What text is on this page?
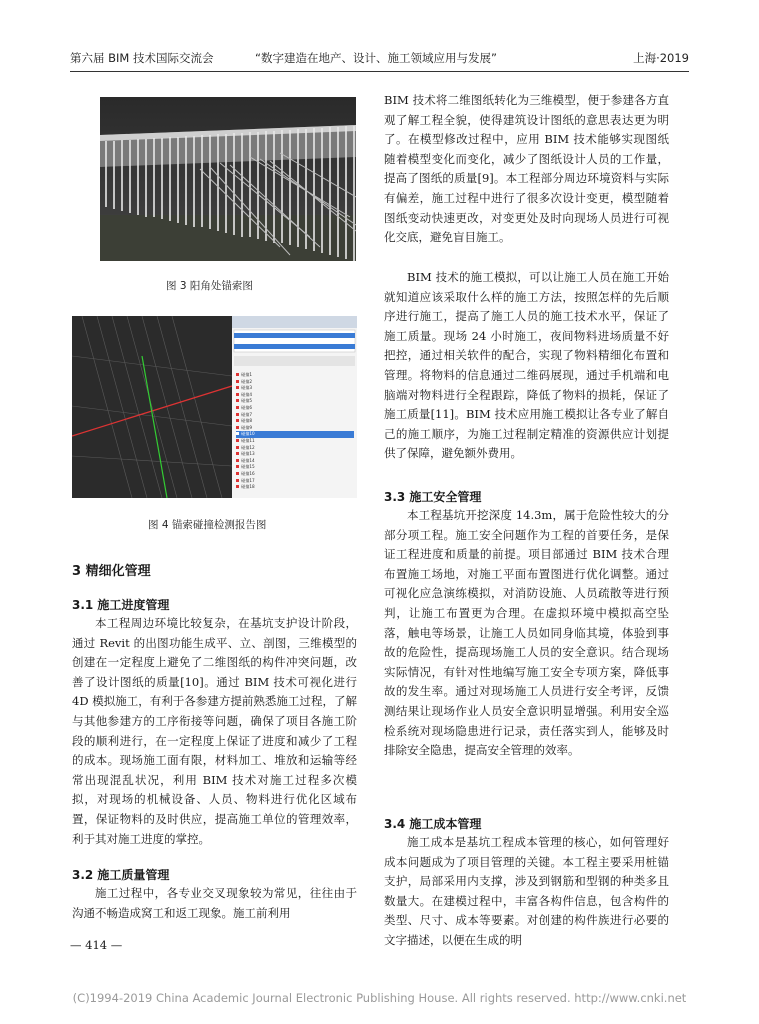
第六届 BIM 技术国际交流会	“数字建造在地产、设计、施工领域应用与发展”	上海·2019
图 3 阳角处锚索图
碰撞1
碰撞2
碰撞3
碰撞4
碰撞5
碰撞6
碰撞7
碰撞8
碰撞9
碰撞10
碰撞11
碰撞12
碰撞13
碰撞14
碰撞15
碰撞16
碰撞17
碰撞18
图 4 锚索碰撞检测报告图
3 精细化管理
3.1 施工进度管理

本工程周边环境比较复杂，在基坑支护设计阶段，通过 Revit 的出图功能生成平、立、剖图，三维模型的创建在一定程度上避免了二维图纸的构件冲突问题，改善了设计图纸的质量[10]。通过 BIM 技术可视化进行 4D 模拟施工，有利于各参建方提前熟悉施工过程，了解与其他参建方的工序衔接等问题，确保了项目各施工阶段的顺利进行，在一定程度上保证了进度和减少了工程的成本。现场施工面有限，材料加工、堆放和运输等经常出现混乱状况，利用 BIM 技术对施工过程多次模拟，对现场的机械设备、人员、物料进行优化区域布置，保证物料的及时供应，提高施工单位的管理效率，利于其对施工进度的掌控。

3.2 施工质量管理

施工过程中，各专业交叉现象较为常见，往往由于沟通不畅造成窝工和返工现象。施工前利用

BIM 技术将二维图纸转化为三维模型，便于参建各方直观了解工程全貌，使得建筑设计图纸的意思表达更为明了。在模型修改过程中，应用 BIM 技术能够实现图纸随着模型变化而变化，减少了图纸设计人员的工作量，提高了图纸的质量[9]。本工程部分周边环境资料与实际有偏差，施工过程中进行了很多次设计变更，模型随着图纸变动快速更改，对变更处及时向现场人员进行可视化交底，避免盲目施工。

BIM 技术的施工模拟，可以让施工人员在施工开始就知道应该采取什么样的施工方法，按照怎样的先后顺序进行施工，提高了施工人员的施工技术水平，保证了施工质量。现场 24 小时施工，夜间物料进场质量不好把控，通过相关软件的配合，实现了物料精细化布置和管理。将物料的信息通过二维码展现，通过手机端和电脑端对物料进行全程跟踪，降低了物料的损耗，保证了施工质量[11]。BIM 技术应用施工模拟让各专业了解自己的施工顺序，为施工过程制定精准的资源供应计划提供了保障，避免额外费用。

3.3 施工安全管理

本工程基坑开挖深度 14.3m，属于危险性较大的分部分项工程。施工安全问题作为工程的首要任务，是保证工程进度和质量的前提。项目部通过 BIM 技术合理布置施工场地，对施工平面布置图进行优化调整。通过可视化应急演练模拟，对消防设施、人员疏散等进行预判，让施工布置更为合理。在虚拟环境中模拟高空坠落，触电等场景，让施工人员如同身临其境，体验到事故的危险性，提高现场施工人员的安全意识。结合现场实际情况，有针对性地编写施工安全专项方案，降低事故的发生率。通过对现场施工人员进行安全考评，反馈测结果让现场作业人员安全意识明显增强。利用安全巡检系统对现场隐患进行记录，责任落实到人，能够及时排除安全隐患，提高安全管理的效率。

3.4 施工成本管理

施工成本是基坑工程成本管理的核心，如何管理好成本问题成为了项目管理的关键。本工程主要采用桩锚支护，局部采用内支撑，涉及到钢筋和型钢的种类多且数量大。在建模过程中，丰富各构件信息，包含构件的类型、尺寸、成本等要素。对创建的构件族进行必要的文字描述，以便在生成的明

— 414 —
(C)1994-2019 China Academic Journal Electronic Publishing House. All rights reserved. http://www.cnki.net
